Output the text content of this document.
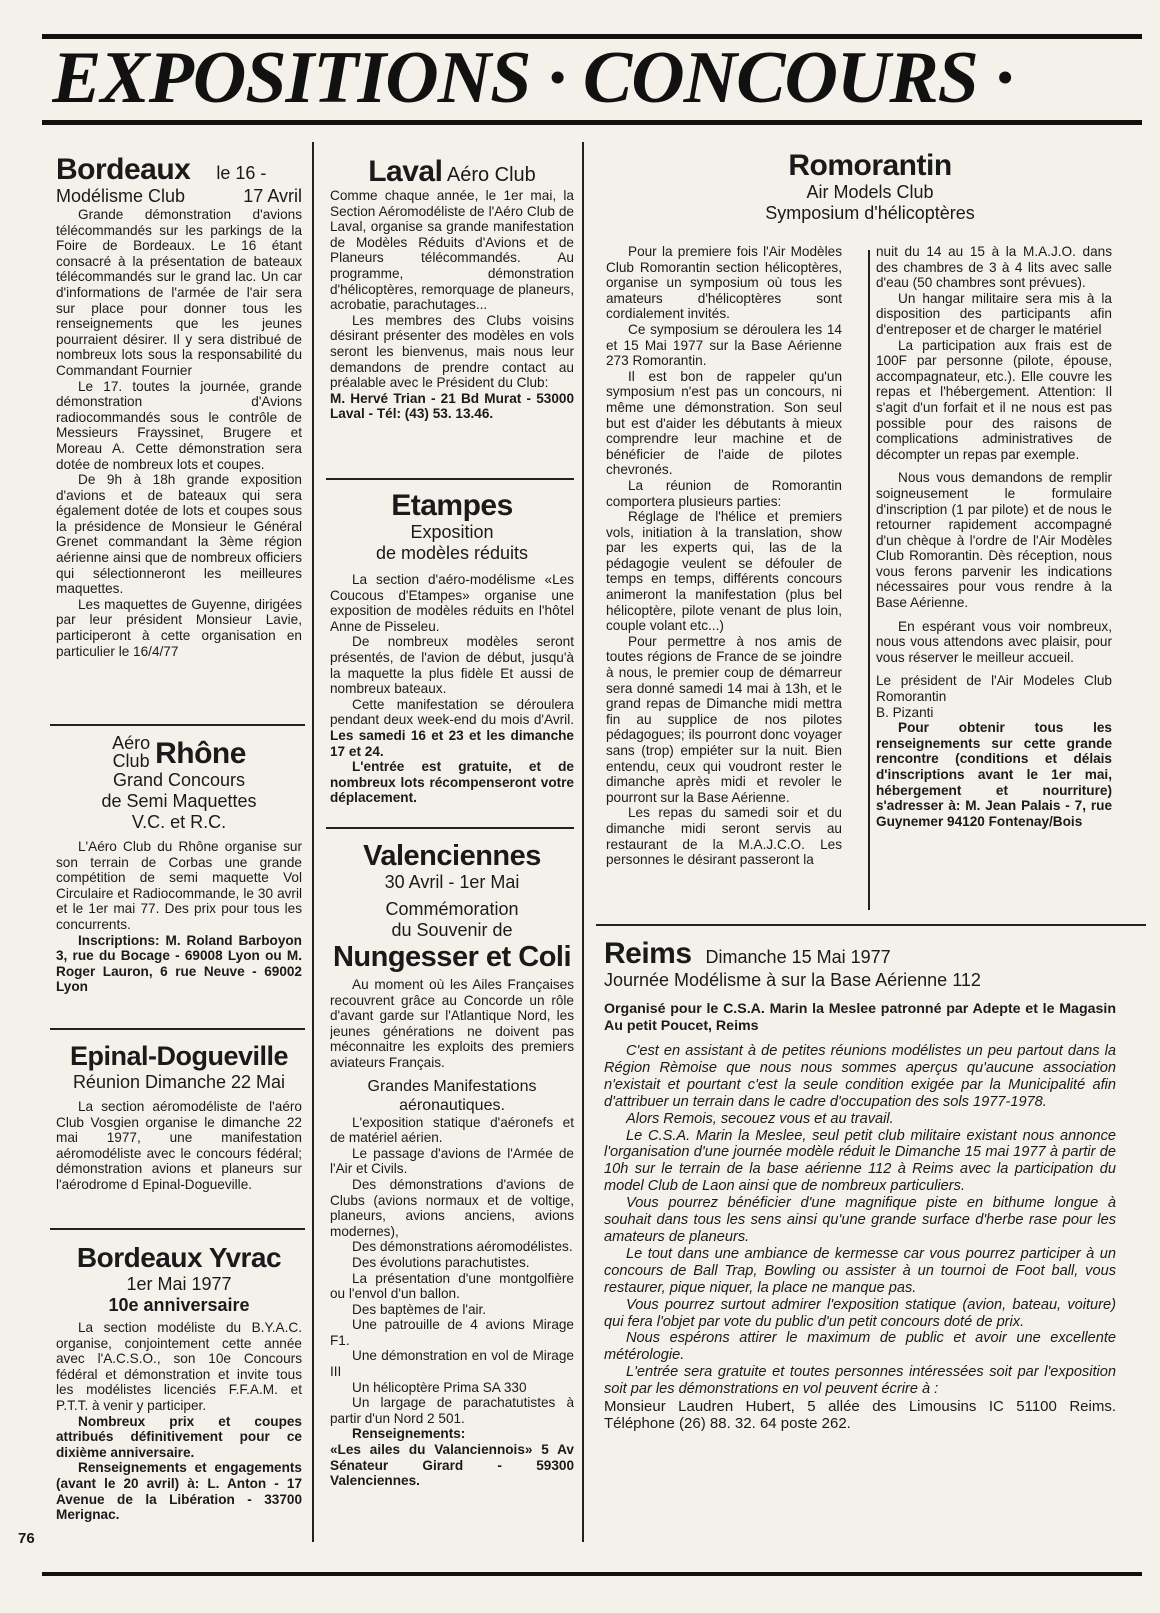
EXPOSITIONS · CONCOURS ·
Bordeaux le 16 -
Modélisme Club	17 Avril

Grande démonstration d'avions télécommandés sur les parkings de la Foire de Bordeaux. Le 16 étant consacré à la présentation de bateaux télécommandés sur le grand lac. Un car d'informations de l'armée de l'air sera sur place pour donner tous les renseignements que les jeunes pourraient désirer. Il y sera distribué de nombreux lots sous la responsabilité du Commandant Fournier

Le 17. toutes la journée, grande démonstration d'Avions radiocommandés sous le contrôle de Messieurs Frayssinet, Brugere et Moreau A. Cette démonstration sera dotée de nombreux lots et coupes.

De 9h à 18h grande exposition d'avions et de bateaux qui sera également dotée de lots et coupes sous la présidence de Monsieur le Général Grenet commandant la 3ème région aérienne ainsi que de nombreux officiers qui sélectionneront les meilleures maquettes.

Les maquettes de Guyenne, dirigées par leur président Monsieur Lavie, participeront à cette organisation en particulier le 16/4/77

Aéro
Club Rhône
Grand Concours
de Semi Maquettes
V.C. et R.C.

L'Aéro Club du Rhône organise sur son terrain de Corbas une grande compétition de semi maquette Vol Circulaire et Radiocommande, le 30 avril et le 1er mai 77. Des prix pour tous les concurrents.

Inscriptions: M. Roland Barboyon 3, rue du Bocage - 69008 Lyon ou M. Roger Lauron, 6 rue Neuve - 69002 Lyon

Epinal-Dogueville
Réunion Dimanche 22 Mai

La section aéromodéliste de l'aéro Club Vosgien organise le dimanche 22 mai 1977, une manifestation aéromodéliste avec le concours fédéral; démonstration avions et planeurs sur l'aérodrome d Epinal-Dogueville.

Bordeaux Yvrac
1er Mai 1977
10e anniversaire

La section modéliste du B.Y.A.C. organise, conjointement cette année avec l'A.C.S.O., son 10e Concours fédéral et démonstration et invite tous les modélistes licenciés F.F.A.M. et P.T.T. à venir y participer.

Nombreux prix et coupes attribués définitivement pour ce dixième anniversaire.

Renseignements et engagements (avant le 20 avril) à: L. Anton - 17 Avenue de la Libération - 33700 Merignac.

76
Laval Aéro Club

Comme chaque année, le 1er mai, la Section Aéromodéliste de l'Aéro Club de Laval, organise sa grande manifestation de Modèles Réduits d'Avions et de Planeurs télécommandés. Au programme, démonstration d'hélicoptères, remorquage de planeurs, acrobatie, parachutages...

Les membres des Clubs voisins désirant présenter des modèles en vols seront les bienvenus, mais nous leur demandons de prendre contact au préalable avec le Président du Club:

M. Hervé Trian - 21 Bd Murat - 53000 Laval - Tél: (43) 53. 13.46.

Etampes
Exposition
de modèles réduits

La section d'aéro-modélisme «Les Coucous d'Etampes» organise une exposition de modèles réduits en l'hôtel Anne de Pisseleu.

De nombreux modèles seront présentés, de l'avion de début, jusqu'à la maquette la plus fidèle Et aussi de nombreux bateaux.

Cette manifestation se déroulera pendant deux week-end du mois d'Avril. Les samedi 16 et 23 et les dimanche 17 et 24.

L'entrée est gratuite, et de nombreux lots récompenseront votre déplacement.

Valenciennes
30 Avril - 1er Mai
Commémoration
du Souvenir de
Nungesser et Coli

Au moment où les Ailes Françaises recouvrent grâce au Concorde un rôle d'avant garde sur l'Atlantique Nord, les jeunes générations ne doivent pas méconnaitre les exploits des premiers aviateurs Français.

Grandes Manifestations
aéronautiques.

L'exposition statique d'aéronefs et de matériel aérien.

Le passage d'avions de l'Armée de l'Air et Civils.

Des démonstrations d'avions de Clubs (avions normaux et de voltige, planeurs, avions anciens, avions modernes),

Des démonstrations aéromodélistes.

Des évolutions parachutistes.

La présentation d'une montgolfière ou l'envol d'un ballon.

Des baptèmes de l'air.

Une patrouille de 4 avions Mirage F1.

Une démonstration en vol de Mirage III

Un hélicoptère Prima SA 330

Un largage de parachatutistes à partir d'un Nord 2 501.

Renseignements:

«Les ailes du Valanciennois» 5 Av Sénateur Girard - 59300 Valenciennes.

Romorantin
Air Models Club
Symposium d'hélicoptères

Pour la premiere fois l'Air Modèles Club Romorantin section hélicoptères, organise un symposium où tous les amateurs d'hélicoptères sont cordialement invités.

Ce symposium se déroulera les 14 et 15 Mai 1977 sur la Base Aérienne 273 Romorantin.

Il est bon de rappeler qu'un symposium n'est pas un concours, ni même une démonstration. Son seul but est d'aider les débutants à mieux comprendre leur machine et de bénéficier de l'aide de pilotes chevronés.

La réunion de Romorantin comportera plusieurs parties:

Réglage de l'hélice et premiers vols, initiation à la translation, show par les experts qui, las de la pédagogie veulent se défouler de temps en temps, différents concours animeront la manifestation (plus bel hélicoptère, pilote venant de plus loin, couple volant etc...)

Pour permettre à nos amis de toutes régions de France de se joindre à nous, le premier coup de démarreur sera donné samedi 14 mai à 13h, et le grand repas de Dimanche midi mettra fin au supplice de nos pilotes pédagogues; ils pourront donc voyager sans (trop) empiéter sur la nuit. Bien entendu, ceux qui voudront rester le dimanche après midi et revoler le pourront sur la Base Aérienne.

Les repas du samedi soir et du dimanche midi seront servis au restaurant de la M.A.J.C.O. Les personnes le désirant passeront la

nuit du 14 au 15 à la M.A.J.O. dans des chambres de 3 à 4 lits avec salle d'eau (50 chambres sont prévues).

Un hangar militaire sera mis à la disposition des participants afin d'entreposer et de charger le matériel

La participation aux frais est de 100F par personne (pilote, épouse, accompagnateur, etc.). Elle couvre les repas et l'hébergement. Attention: Il s'agit d'un forfait et il ne nous est pas possible pour des raisons de complications administratives de décompter un repas par exemple.

Nous vous demandons de remplir soigneusement le formulaire d'inscription (1 par pilote) et de nous le retourner rapidement accompagné d'un chèque à l'ordre de l'Air Modèles Club Romorantin. Dès réception, nous vous ferons parvenir les indications nécessaires pour vous rendre à la Base Aérienne.

En espérant vous voir nombreux, nous vous attendons avec plaisir, pour vous réserver le meilleur accueil.

Le président de l'Air Modeles Club Romorantin

B. Pizanti

Pour obtenir tous les renseignements sur cette grande rencontre (conditions et délais d'inscriptions avant le 1er mai, hébergement et nourriture) s'adresser à: M. Jean Palais - 7, rue Guynemer 94120 Fontenay/Bois

Reims Dimanche 15 Mai 1977
Journée Modélisme à sur la Base Aérienne 112

Organisé pour le C.S.A. Marin la Meslee patronné par Adepte et le Magasin Au petit Poucet, Reims

C'est en assistant à de petites réunions modélistes un peu partout dans la Région Rèmoise que nous nous sommes aperçus qu'aucune association n'existait et pourtant c'est la seule condition exigée par la Municipalité afin d'attribuer un terrain dans le cadre d'occupation des sols 1977-1978.

Alors Remois, secouez vous et au travail.

Le C.S.A. Marin la Meslee, seul petit club militaire existant nous annonce l'organisation d'une journée modèle réduit le Dimanche 15 mai 1977 à partir de 10h sur le terrain de la base aérienne 112 à Reims avec la participation du model Club de Laon ainsi que de nombreux particuliers.

Vous pourrez bénéficier d'une magnifique piste en bithume longue à souhait dans tous les sens ainsi qu'une grande surface d'herbe rase pour les amateurs de planeurs.

Le tout dans une ambiance de kermesse car vous pourrez participer à un concours de Ball Trap, Bowling ou assister à un tournoi de Foot ball, vous restaurer, pique niquer, la place ne manque pas.

Vous pourrez surtout admirer l'exposition statique (avion, bateau, voiture) qui fera l'objet par vote du public d'un petit concours doté de prix.

Nous espérons attirer le maximum de public et avoir une excellente métérologie.

L'entrée sera gratuite et toutes personnes intéressées soit par l'exposition soit par les démonstrations en vol peuvent écrire à :

Monsieur Laudren Hubert, 5 allée des Limousins IC 51100 Reims. Téléphone (26) 88. 32. 64 poste 262.
